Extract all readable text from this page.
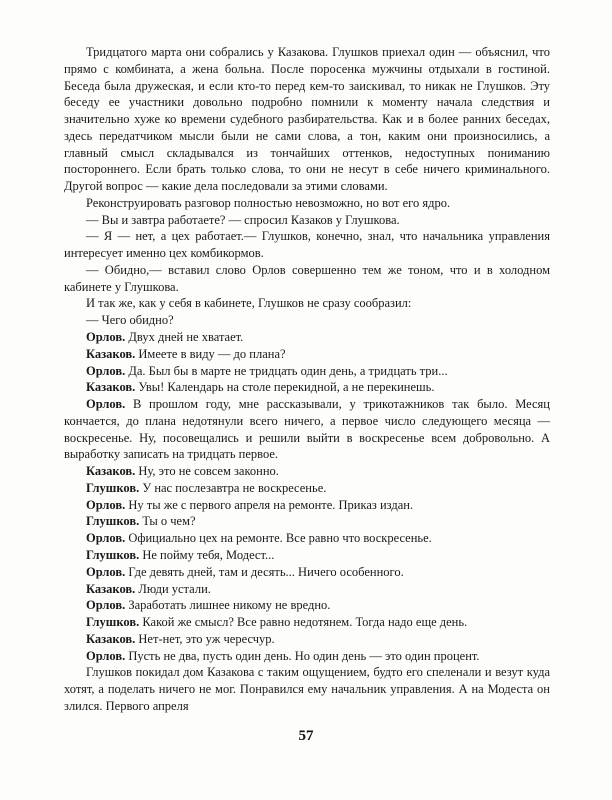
Тридцатого марта они собрались у Казакова. Глушков приехал один — объяснил, что прямо с комбината, а жена больна. После поросенка мужчины отдыхали в гостиной. Беседа была дружеская, и если кто-то перед кем-то заискивал, то никак не Глушков. Эту беседу ее участники довольно подробно помнили к моменту начала следствия и значительно хуже ко времени судебного разбирательства. Как и в более ранних беседах, здесь передатчиком мысли были не сами слова, а тон, каким они произносились, а главный смысл складывался из тончайших оттенков, недоступных пониманию постороннего. Если брать только слова, то они не несут в себе ничего криминального. Другой вопрос — какие дела последовали за этими словами.

Реконструировать разговор полностью невозможно, но вот его ядро.

— Вы и завтра работаете? — спросил Казаков у Глушкова.

— Я — нет, а цех работает.— Глушков, конечно, знал, что начальника управления интересует именно цех комбикормов.

— Обидно,— вставил слово Орлов совершенно тем же тоном, что и в холодном кабинете у Глушкова.

И так же, как у себя в кабинете, Глушков не сразу сообразил:

— Чего обидно?

Орлов. Двух дней не хватает.

Казаков. Имеете в виду — до плана?

Орлов. Да. Был бы в марте не тридцать один день, а тридцать три...

Казаков. Увы! Календарь на столе перекидной, а не перекинешь.

Орлов. В прошлом году, мне рассказывали, у трикотажников так было. Месяц кончается, до плана недотянули всего ничего, а первое число следующего месяца — воскресенье. Ну, посовещались и решили выйти в воскресенье всем добровольно. А выработку записать на тридцать первое.

Казаков. Ну, это не совсем законно.

Глушков. У нас послезавтра не воскресенье.

Орлов. Ну ты же с первого апреля на ремонте. Приказ издан.

Глушков. Ты о чем?

Орлов. Официально цех на ремонте. Все равно что воскресенье.

Глушков. Не пойму тебя, Модест...

Орлов. Где девять дней, там и десять... Ничего особенного.

Казаков. Люди устали.

Орлов. Заработать лишнее никому не вредно.

Глушков. Какой же смысл? Все равно недотянем. Тогда надо еще день.

Казаков. Нет-нет, это уж чересчур.

Орлов. Пусть не два, пусть один день. Но один день — это один процент.

Глушков покидал дом Казакова с таким ощущением, будто его спеленали и везут куда хотят, а поделать ничего не мог. Понравился ему начальник управления. А на Модеста он злился. Первого апреля

57
